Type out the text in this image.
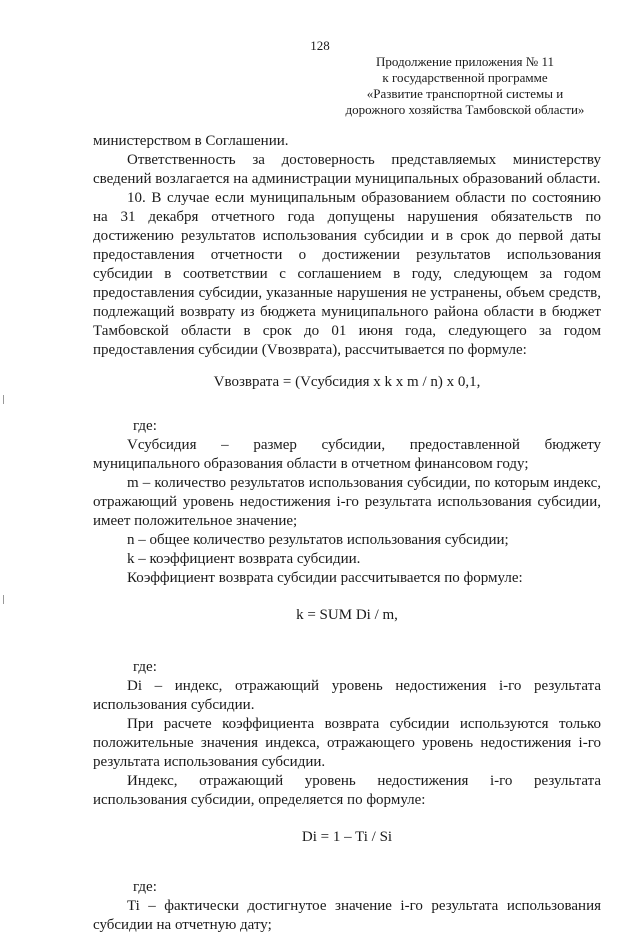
128
Продолжение приложения № 11
к государственной программе
«Развитие транспортной системы и
дорожного хозяйства Тамбовской области»

министерством в Соглашении.

Ответственность за достоверность представляемых министерству сведений возлагается на администрации муниципальных образований области.

10. В случае если муниципальным образованием области по состоянию на 31 декабря отчетного года допущены нарушения обязательств по достижению результатов использования субсидии и в срок до первой даты предоставления отчетности о достижении результатов использования субсидии в соответствии с соглашением в году, следующем за годом предоставления субсидии, указанные нарушения не устранены, объем средств, подлежащий возврату из бюджета муниципального района области в бюджет Тамбовской области в срок до 01 июня года, следующего за годом предоставления субсидии (Vвозврата), рассчитывается по формуле:

Vвозврата = (Vсубсидия x k x m / n) x 0,1,

где:

Vсубсидия – размер субсидии, предоставленной бюджету муниципального образования области в отчетном финансовом году;

m – количество результатов использования субсидии, по которым индекс, отражающий уровень недостижения i-го результата использования субсидии, имеет положительное значение;

n – общее количество результатов использования субсидии;

k – коэффициент возврата субсидии.

Коэффициент возврата субсидии рассчитывается по формуле:

k = SUM Di / m,

где:

Di – индекс, отражающий уровень недостижения i-го результата использования субсидии.

При расчете коэффициента возврата субсидии используются только положительные значения индекса, отражающего уровень недостижения i-го результата использования субсидии.

Индекс, отражающий уровень недостижения i-го результата использования субсидии, определяется по формуле:

Di = 1 – Ti / Si

где:

Ti – фактически достигнутое значение i-го результата использования субсидии на отчетную дату;
